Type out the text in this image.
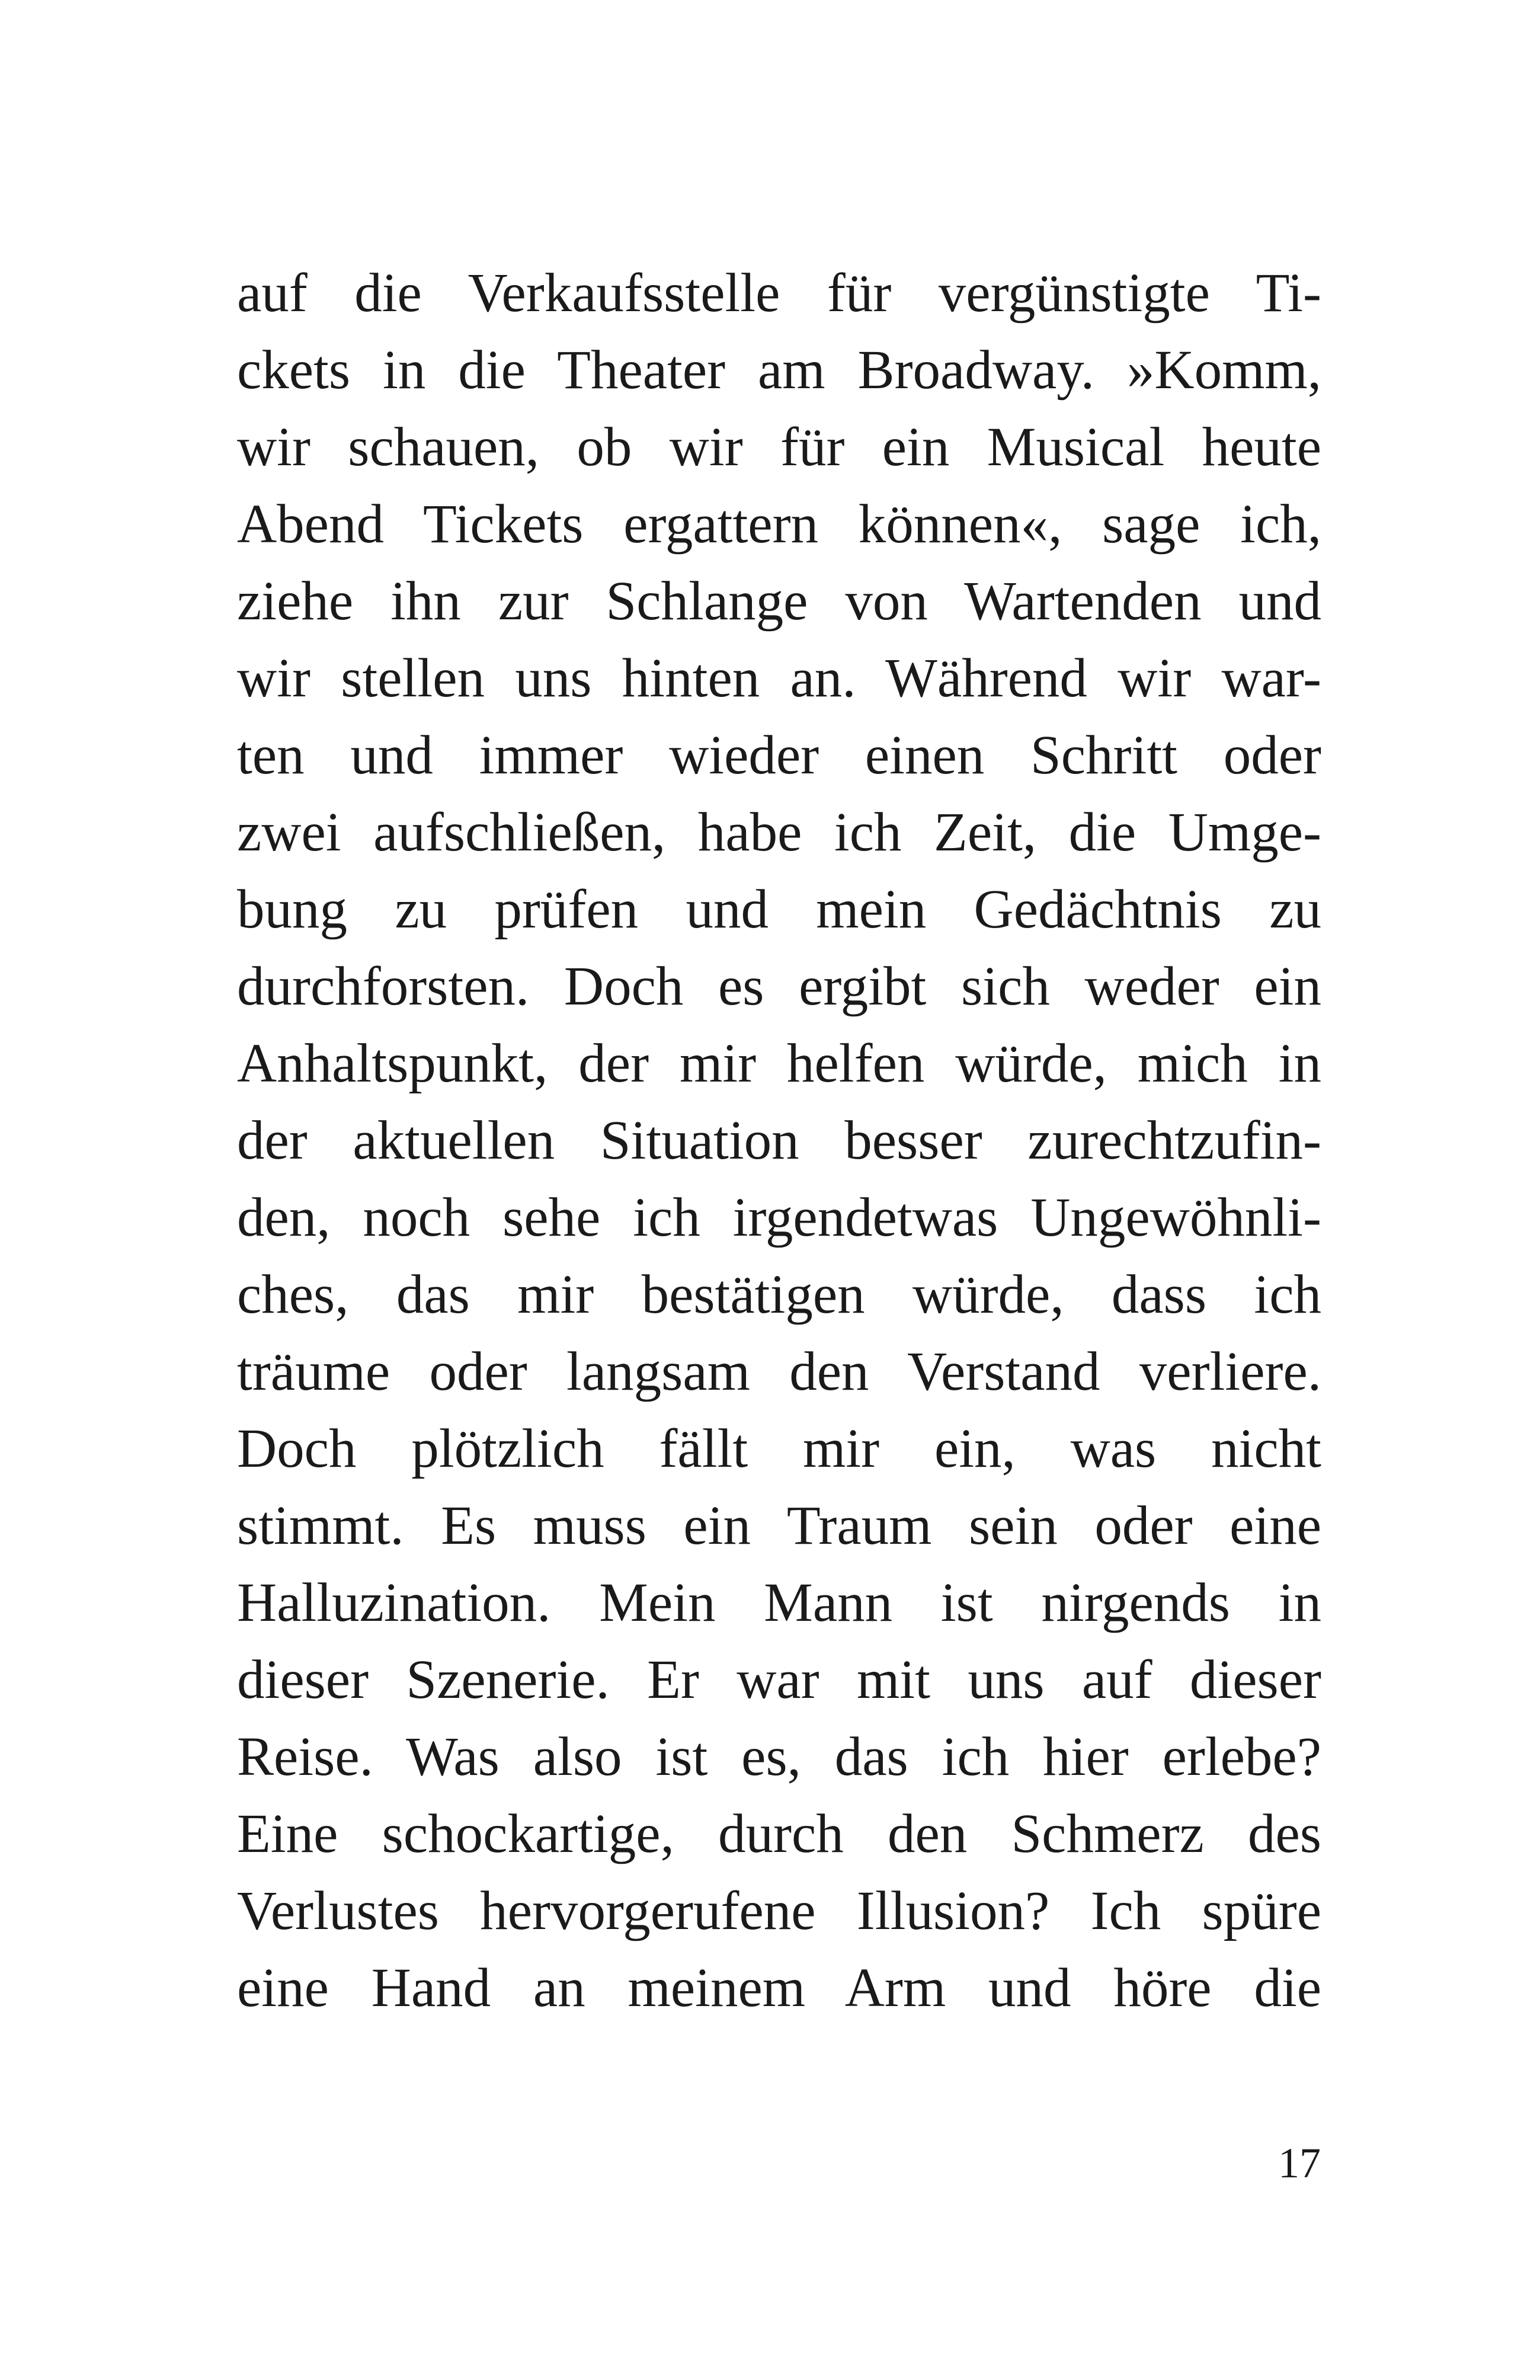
auf die Verkaufsstelle für vergünstigte Ti-
ckets in die Theater am Broadway. »Komm,
wir schauen, ob wir für ein Musical heute
Abend Tickets ergattern können«, sage ich,
ziehe ihn zur Schlange von Wartenden und
wir stellen uns hinten an. Während wir war-
ten und immer wieder einen Schritt oder
zwei aufschließen, habe ich Zeit, die Umge-
bung zu prüfen und mein Gedächtnis zu
durchforsten. Doch es ergibt sich weder ein
Anhaltspunkt, der mir helfen würde, mich in
der aktuellen Situation besser zurechtzufin-
den, noch sehe ich irgendetwas Ungewöhnli-
ches, das mir bestätigen würde, dass ich
träume oder langsam den Verstand verliere.
Doch plötzlich fällt mir ein, was nicht
stimmt. Es muss ein Traum sein oder eine
Halluzination. Mein Mann ist nirgends in
dieser Szenerie. Er war mit uns auf dieser
Reise. Was also ist es, das ich hier erlebe?
Eine schockartige, durch den Schmerz des
Verlustes hervorgerufene Illusion? Ich spüre
eine Hand an meinem Arm und höre die
17
